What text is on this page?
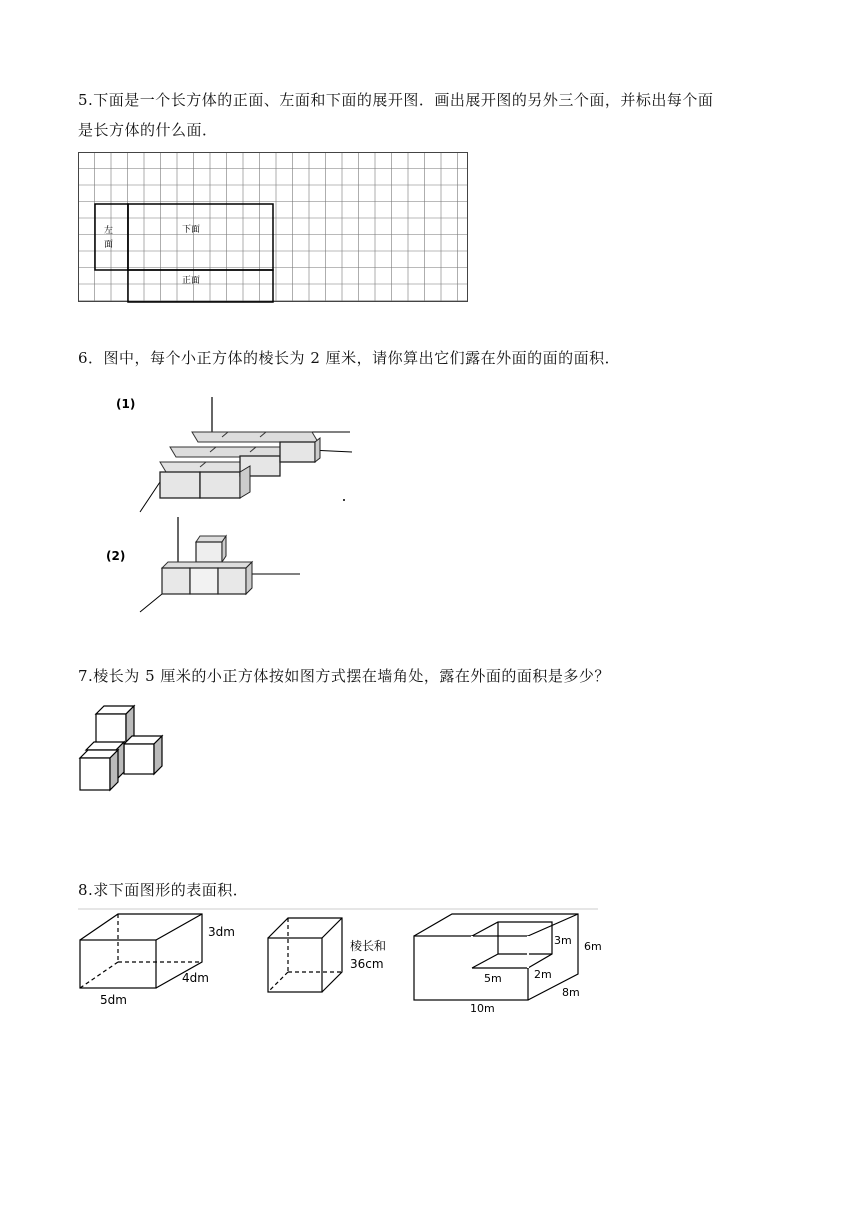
5.下面是一个长方体的正面、左面和下面的展开图．画出展开图的另外三个面，并标出每个面

是长方体的什么面．

左
面
下面
正面

6．图中，每个小正方体的棱长为 2 厘米，请你算出它们露在外面的面的面积．

(1)
(2)

7.棱长为 5 厘米的小正方体按如图方式摆在墙角处，露在外面的面积是多少？

8.求下面图形的表面积．

3dm
4dm
5dm
棱长和
36cm
3m 6m
5m	2m
8m
10m
